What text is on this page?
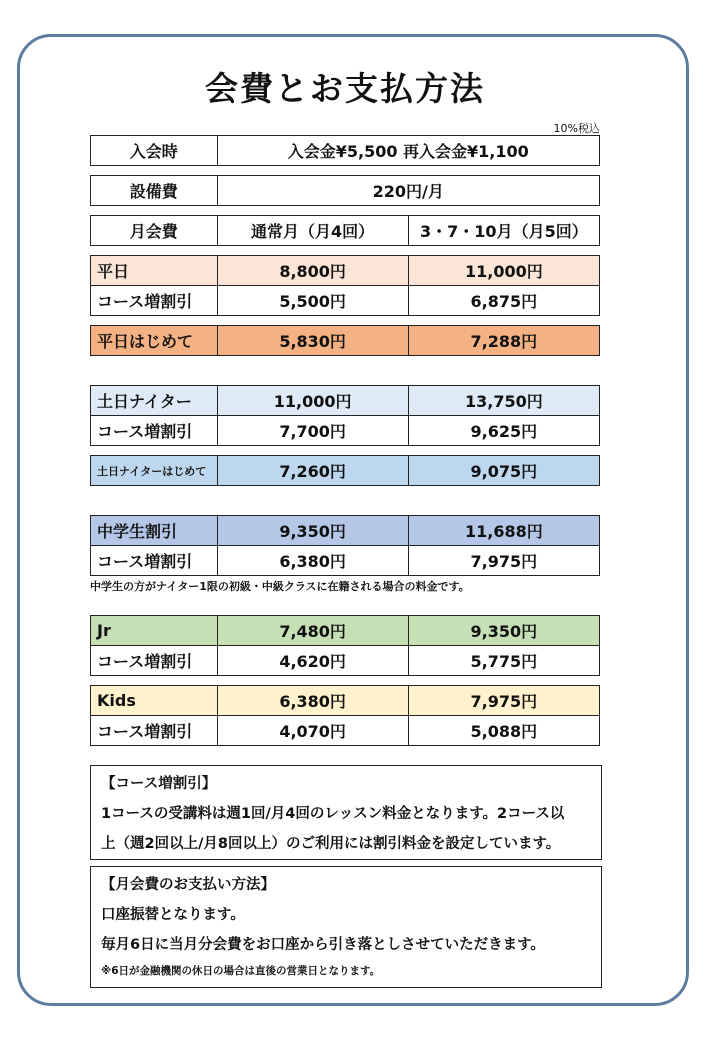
会費とお支払方法
10%税込
入会時	入会金¥5,500 再入会金¥1,100
設備費	220円/月
月会費	通常月（月4回）	3・7・10月（月5回）
平日	8,800円	11,000円
コース増割引	5,500円	6,875円
平日はじめて	5,830円	7,288円
土日ナイター	11,000円	13,750円
コース増割引	7,700円	9,625円
土日ナイターはじめて	7,260円	9,075円
中学生割引	9,350円	11,688円
コース増割引	6,380円	7,975円
中学生の方がナイター1限の初級・中級クラスに在籍される場合の料金です。
Jr	7,480円	9,350円
コース増割引	4,620円	5,775円
Kids	6,380円	7,975円
コース増割引	4,070円	5,088円
【コース増割引】
1コースの受講料は週1回/月4回のレッスン料金となります。2コース以
上（週2回以上/月8回以上）のご利用には割引料金を設定しています。
【月会費のお支払い方法】
口座振替となります。
毎月6日に当月分会費をお口座から引き落としさせていただきます。
※6日が金融機関の休日の場合は直後の営業日となります。
